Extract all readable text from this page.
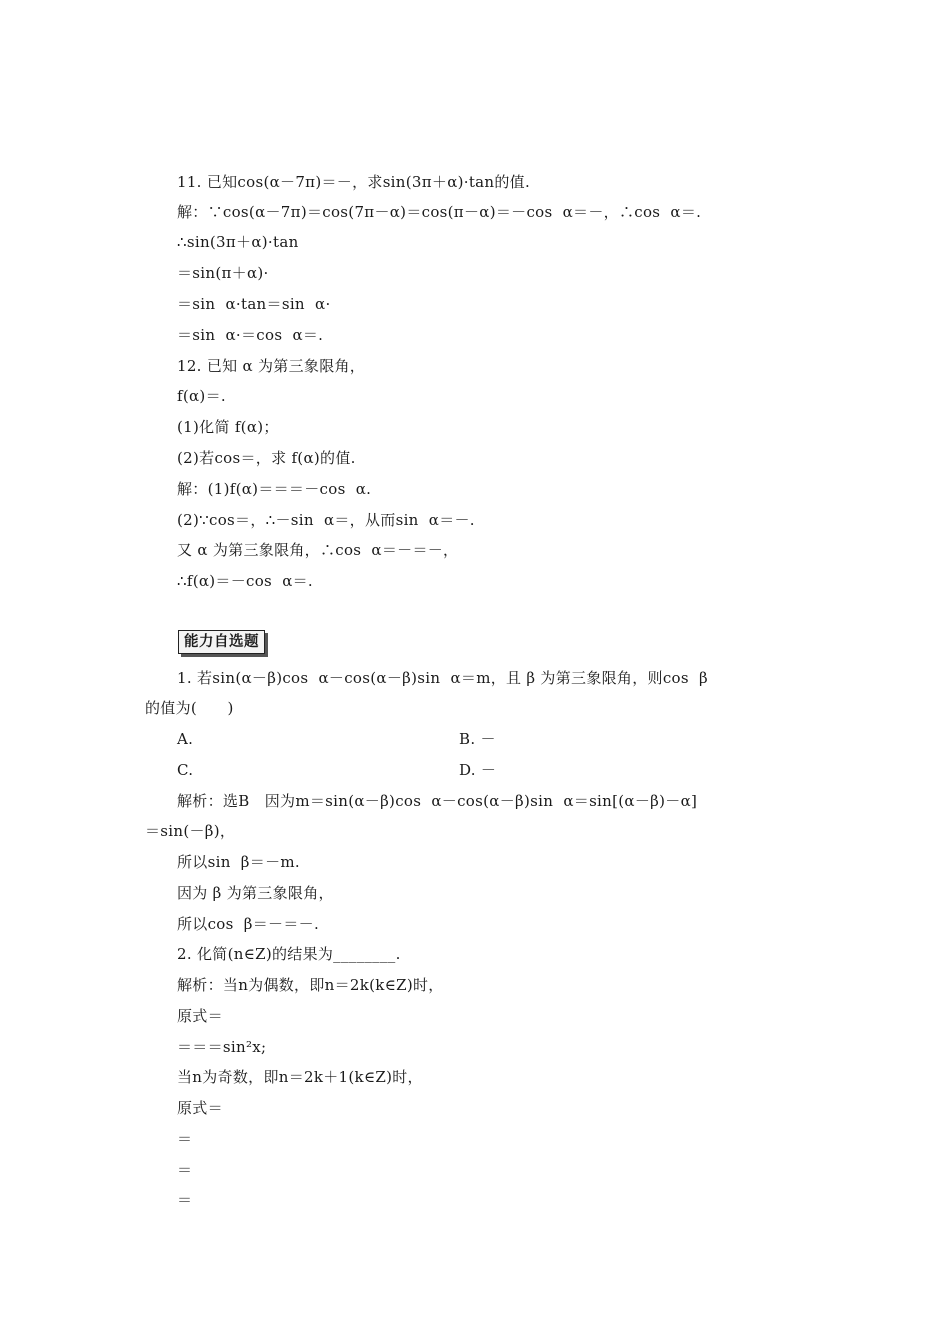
11. 已知cos(α－7π)＝－，求sin(3π＋α)·tan的值.
解：∵cos(α－7π)＝cos(7π－α)＝cos(π－α)＝－cos  α＝－，∴cos  α＝.
∴sin(3π＋α)·tan
＝sin(π＋α)·
＝sin  α·tan＝sin  α·
＝sin  α·＝cos  α＝.
12. 已知 α 为第三象限角，
f(α)＝.
(1)化简 f(α)；
(2)若cos＝，求 f(α)的值.
解：(1)f(α)＝＝＝－cos  α.
(2)∵cos＝，∴－sin  α＝，从而sin  α＝－.
又 α 为第三象限角，∴cos  α＝－＝－，
∴f(α)＝－cos  α＝.
能力自选题
1. 若sin(α－β)cos  α－cos(α－β)sin  α＝m，且 β 为第三象限角，则cos  β
的值为(      )
A.	B. －
C.	D. －
解析：选B   因为m＝sin(α－β)cos  α－cos(α－β)sin  α＝sin[(α－β)－α]
＝sin(－β)，
所以sin  β＝－m.
因为 β 为第三象限角，
所以cos  β＝－＝－.
2. 化简(n∈Z)的结果为________.
解析：当n为偶数，即n＝2k(k∈Z)时，
原式＝
＝＝＝sin²x;
当n为奇数，即n＝2k＋1(k∈Z)时，
原式＝
＝
＝
＝
